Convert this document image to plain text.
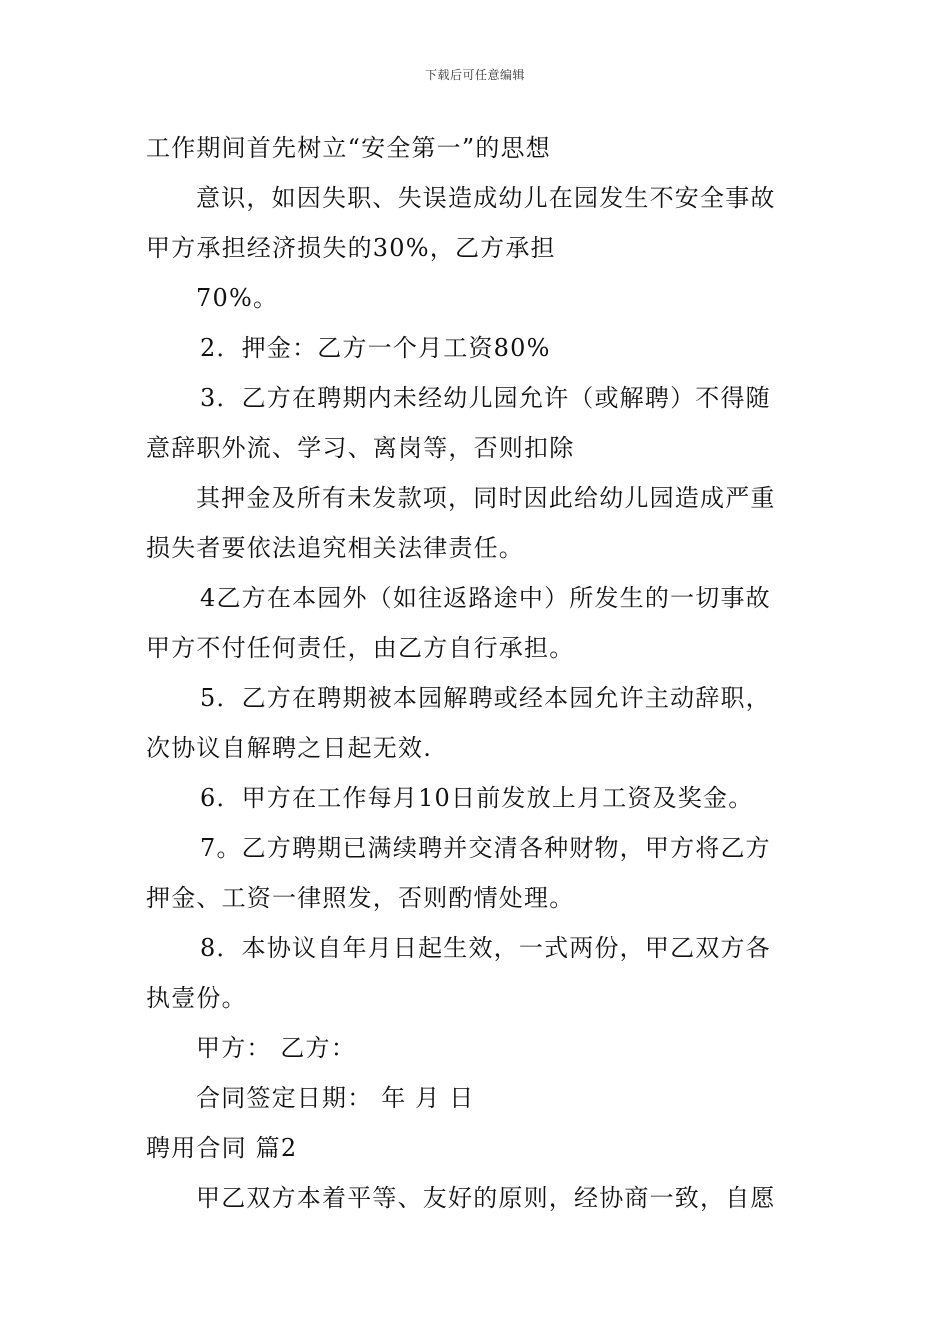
下载后可任意编辑
工作期间首先树立“安全第一”的思想
意识，如因失职、失误造成幼儿在园发生不安全事故
甲方承担经济损失的30%，乙方承担
70%。
2．押金：乙方一个月工资80%
3．乙方在聘期内未经幼儿园允许（或解聘）不得随
意辞职外流、学习、离岗等，否则扣除
其押金及所有未发款项，同时因此给幼儿园造成严重
损失者要依法追究相关法律责任。
4乙方在本园外（如往返路途中）所发生的一切事故
甲方不付任何责任，由乙方自行承担。
5．乙方在聘期被本园解聘或经本园允许主动辞职，
次协议自解聘之日起无效.
6．甲方在工作每月10日前发放上月工资及奖金。
7。乙方聘期已满续聘并交清各种财物，甲方将乙方
押金、工资一律照发，否则酌情处理。
8．本协议自年月日起生效，一式两份，甲乙双方各
执壹份。
甲方： 乙方：
合同签定日期： 年 月 日
聘用合同 篇2
甲乙双方本着平等、友好的原则，经协商一致，自愿
